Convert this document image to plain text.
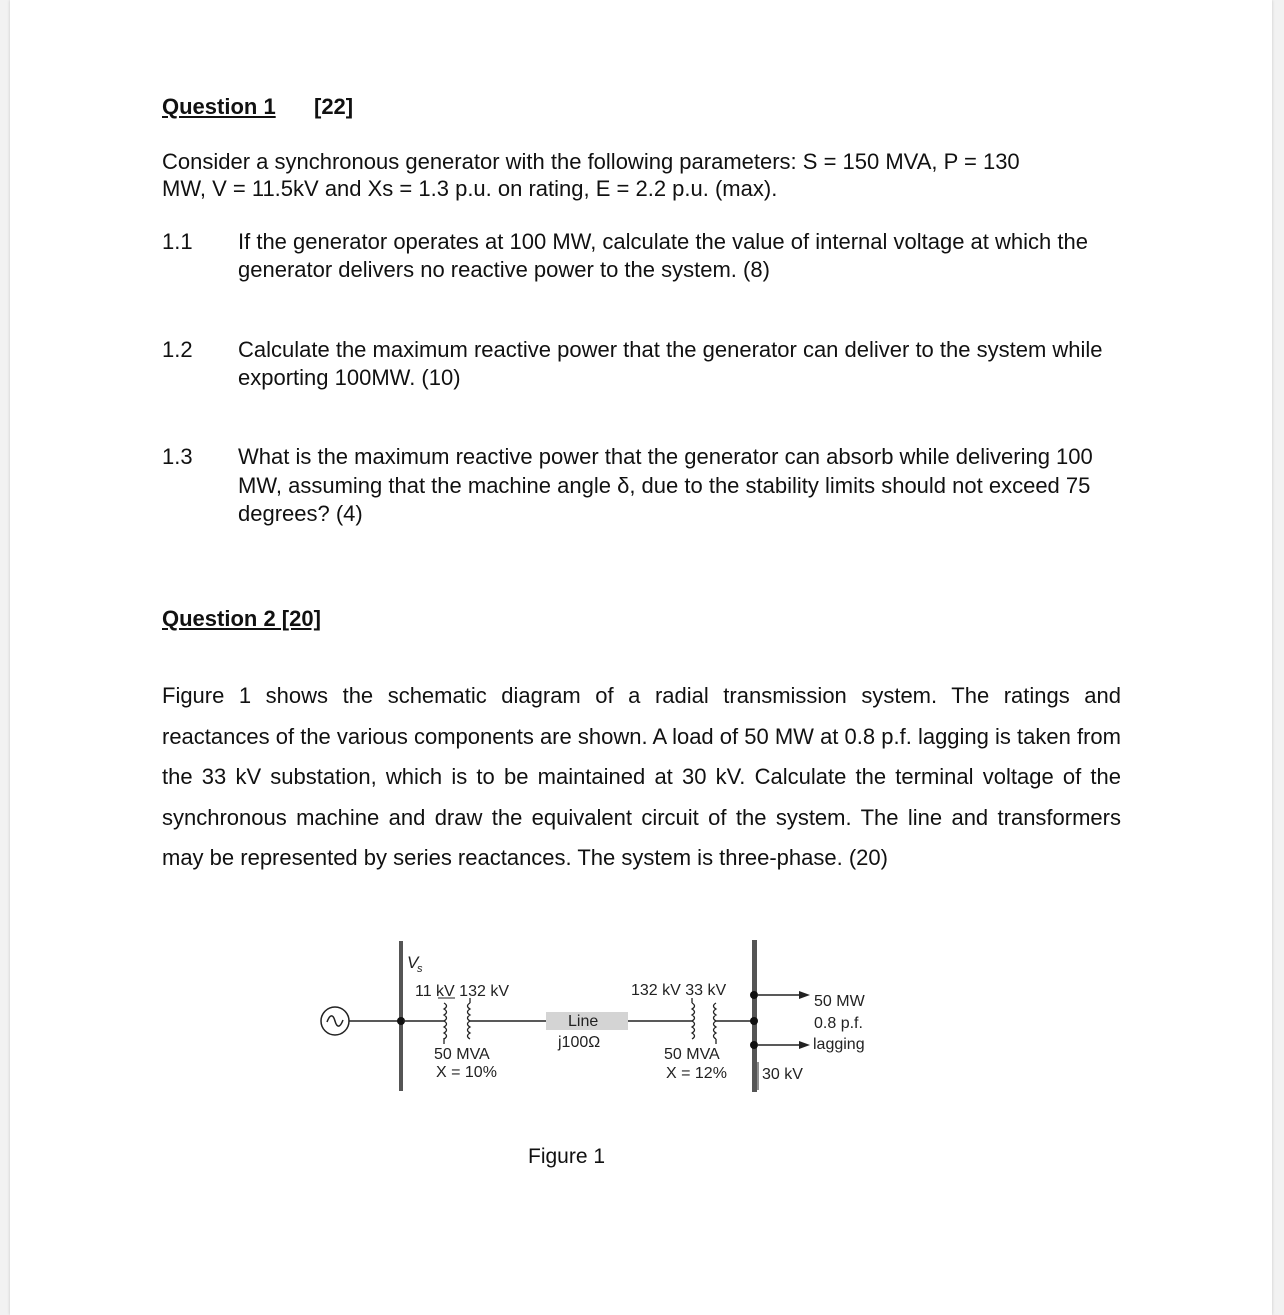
Question 1 [22]
Consider a synchronous generator with the following parameters: S = 150 MVA, P = 130
MW, V = 11.5kV and Xs = 1.3 p.u. on rating, E = 2.2 p.u. (max).
1.1 If the generator operates at 100 MW, calculate the value of internal voltage at which the generator delivers no reactive power to the system. (8)
1.2 Calculate the maximum reactive power that the generator can deliver to the system while exporting 100MW. (10)
1.3 What is the maximum reactive power that the generator can absorb while delivering 100 MW, assuming that the machine angle δ, due to the stability limits should not exceed 75 degrees? (4)
Question 2 [20]
Figure 1 shows the schematic diagram of a radial transmission system. The ratings and reactances of the various components are shown. A load of 50 MW at 0.8 p.f. lagging is taken from the 33 kV substation, which is to be maintained at 30 kV. Calculate the terminal voltage of the synchronous machine and draw the equivalent circuit of the system. The line and transformers may be represented by series reactances. The system is three-phase. (20)
V
s
11 kV 132 kV
50 MVA
X = 10%
Line
j100Ω
132 kV 33 kV
50 MVA
X = 12%
50 MW
0.8 p.f.
lagging
30 kV
Figure 1
